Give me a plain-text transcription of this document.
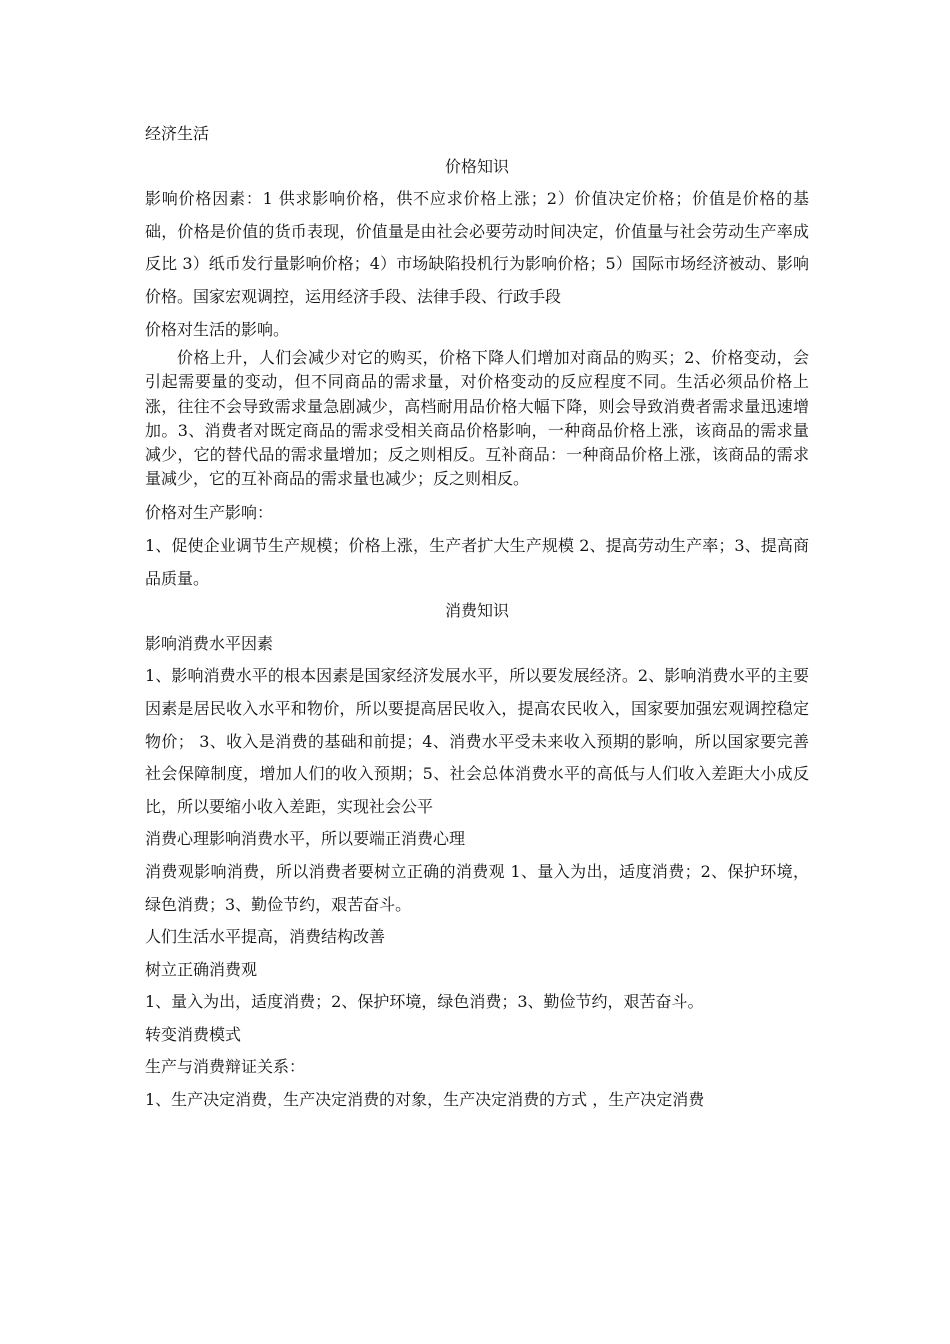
经济生活

价格知识

影响价格因素：1 供求影响价格，供不应求价格上涨；2）价值决定价格；价值是价格的基础，价格是价值的货币表现，价值量是由社会必要劳动时间决定，价值量与社会劳动生产率成反比 3）纸币发行量影响价格；4）市场缺陷投机行为影响价格；5）国际市场经济被动、影响价格。国家宏观调控，运用经济手段、法律手段、行政手段

价格对生活的影响。

价格上升，人们会减少对它的购买，价格下降人们增加对商品的购买；2、价格变动，会引起需要量的变动，但不同商品的需求量，对价格变动的反应程度不同。生活必须品价格上涨，往往不会导致需求量急剧减少，高档耐用品价格大幅下降，则会导致消费者需求量迅速增加。3、消费者对既定商品的需求受相关商品价格影响，一种商品价格上涨，该商品的需求量减少，它的替代品的需求量增加；反之则相反。互补商品：一种商品价格上涨，该商品的需求量减少，它的互补商品的需求量也减少；反之则相反。

价格对生产影响：

1、促使企业调节生产规模；价格上涨，生产者扩大生产规模 2、提高劳动生产率；3、提高商品质量。

消费知识

影响消费水平因素

1、影响消费水平的根本因素是国家经济发展水平，所以要发展经济。2、影响消费水平的主要因素是居民收入水平和物价，所以要提高居民收入，提高农民收入，国家要加强宏观调控稳定物价； 3、收入是消费的基础和前提；4、消费水平受未来收入预期的影响，所以国家要完善社会保障制度，增加人们的收入预期；5、社会总体消费水平的高低与人们收入差距大小成反比，所以要缩小收入差距，实现社会公平

消费心理影响消费水平，所以要端正消费心理

消费观影响消费，所以消费者要树立正确的消费观 1、量入为出，适度消费；2、保护环境，绿色消费；3、勤俭节约，艰苦奋斗。

人们生活水平提高，消费结构改善

树立正确消费观

1、量入为出，适度消费；2、保护环境，绿色消费；3、勤俭节约，艰苦奋斗。

转变消费模式

生产与消费辩证关系：

1、生产决定消费，生产决定消费的对象，生产决定消费的方式 ，生产决定消费
